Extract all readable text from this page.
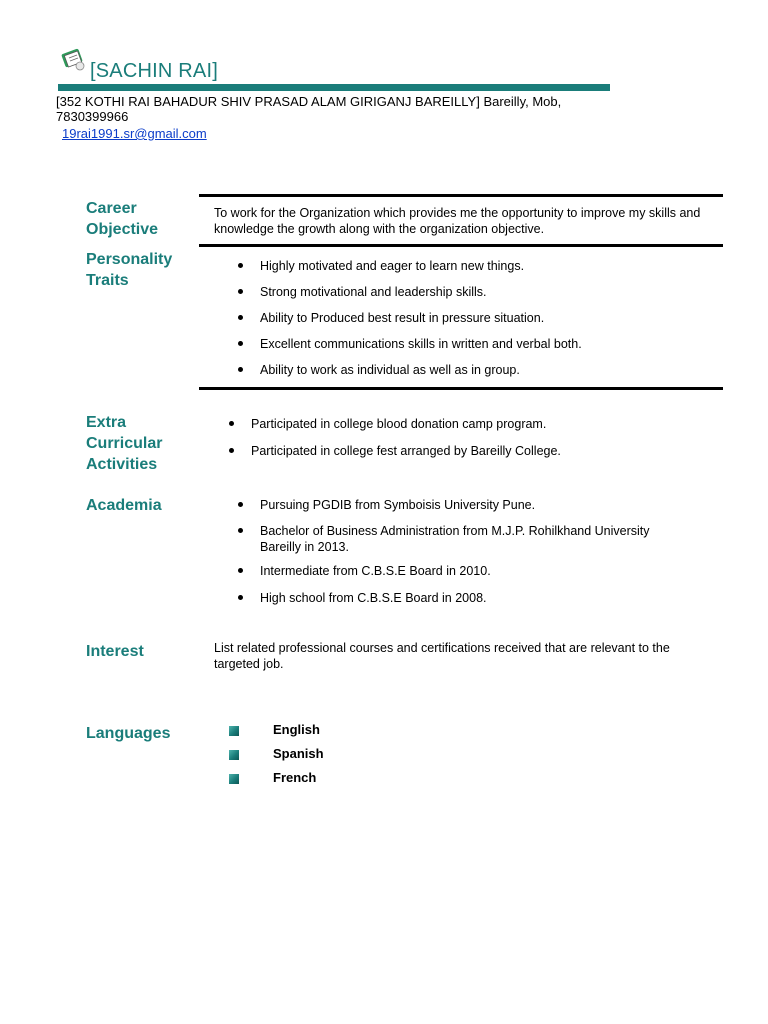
[SACHIN RAI]
[352 KOTHI RAI BAHADUR SHIV PRASAD ALAM GIRIGANJ BAREILLY] Bareilly, Mob, 7830399966
19rai1991.sr@gmail.com
Career Objective
To work for the Organization which provides me the opportunity to improve my skills and knowledge the growth along with the organization objective.
Personality Traits
Highly motivated and eager to learn new things.
Strong motivational and leadership skills.
Ability to Produced best result in pressure situation.
Excellent communications skills in written and verbal both.
Ability to work as individual as well as in group.
Extra Curricular Activities
Participated in college blood donation camp program.
Participated in college fest arranged by Bareilly College.
Academia	Pursuing PGDIB from Symboisis University Pune.
Bachelor of Business Administration from M.J.P. Rohilkhand University Bareilly in 2013.
Intermediate from C.B.S.E Board in 2010.
High school from C.B.S.E Board in 2008.
Interest	List related professional courses and certifications received that are relevant to the targeted job.
Languages	English
Spanish
French
